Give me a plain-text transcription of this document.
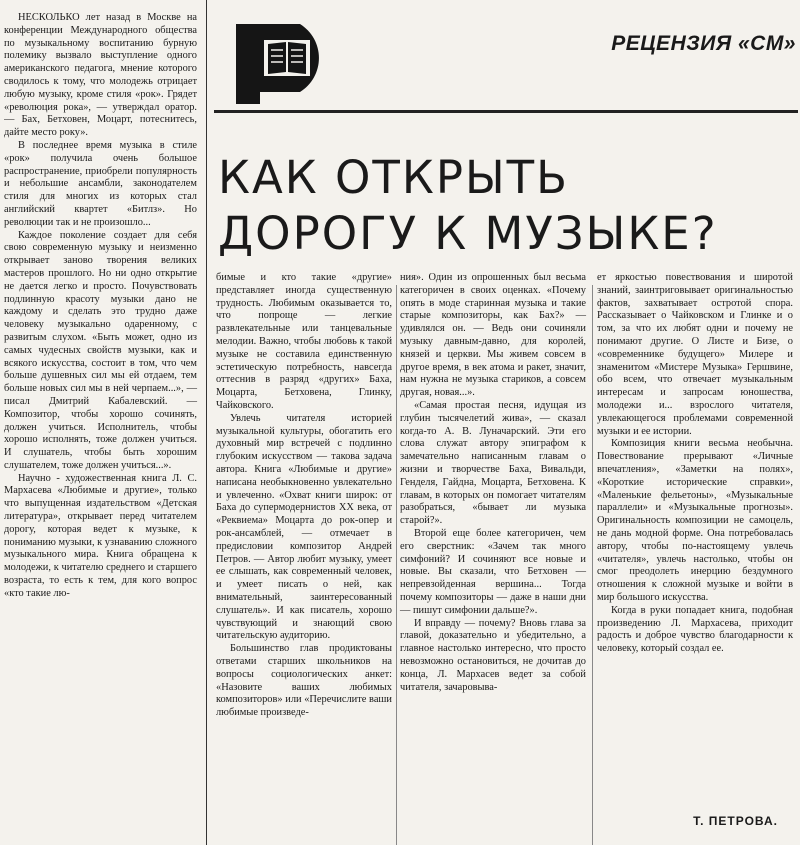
НЕСКОЛЬКО лет назад в Москве на конференции Международного общества по музыкальному воспитанию бурную полемику вызвало выступление одного американского педагога, мнение которого сводилось к тому, что молодежь отрицает любую музыку, кроме стиля «рок». Грядет «революция рока», — утверждал оратор. — Бах, Бетховен, Моцарт, потеснитесь, дайте место року».

В последнее время музыка в стиле «рок» получила очень большое распространение, приобрели популярность и небольшие ансамбли, законодателем стиля для многих из которых стал английский квартет «Битлз». Но революции так и не произошло...

Каждое поколение создает для себя свою современную музыку и неизменно открывает заново творения великих мастеров прошлого. Но ни одно открытие не дается легко и просто. Почувствовать подлинную красоту музыки дано не каждому и сделать это трудно даже человеку музыкально одаренному, с развитым слухом. «Быть может, одно из самых чудесных свойств музыки, как и всякого искусства, состоит в том, что чем больше душевных сил мы ей отдаем, тем больше новых сил мы в ней черпаем...», — писал Дмитрий Кабалевский. — Композитор, чтобы хорошо сочинять, должен учиться. Исполнитель, чтобы хорошо исполнять, тоже должен учиться. И слушатель, чтобы быть хорошим слушателем, тоже должен учиться...».

Научно - художественная книга Л. С. Мархасева «Любимые и другие», только что выпущенная издательством «Детская литература», открывает перед читателем дорогу, которая ведет к музыке, к пониманию музыки, к узнаванию сложного музыкального мира. Книга обращена к молодежи, к читателю среднего и старшего возраста, то есть к тем, для кого вопрос «кто такие лю-

РЕЦЕНЗИЯ «СМ»
КАК ОТКРЫТЬ
ДОРОГУ К МУЗЫКЕ?

бимые и кто такие «другие» представляет иногда существенную трудность. Любимым оказывается то, что попроще — легкие развлекательные или танцевальные мелодии. Важно, чтобы любовь к такой музыке не составила единственную эстетическую потребность, навсегда оттеснив в разряд «других» Баха, Моцарта, Бетховена, Глинку, Чайковского.

Увлечь читателя историей музыкальной культуры, обогатить его духовный мир встречей с подлинно глубоким искусством — такова задача автора. Книга «Любимые и другие» написана необыкновенно увлекательно и увлеченно. «Охват книги широк: от Баха до супермодернистов XX века, от «Реквиема» Моцарта до рок-опер и рок-ансамблей, — отмечает в предисловии композитор Андрей Петров. — Автор любит музыку, умеет ее слышать, как современный человек, и умеет писать о ней, как внимательный, заинтересованный слушатель». И как писатель, хорошо чувствующий и знающий свою читательскую аудиторию.

Большинство глав продиктованы ответами старших школьников на вопросы социологических анкет: «Назовите ваших любимых композиторов» или «Перечислите ваши любимые произведе-

ния». Один из опрошенных был весьма категоричен в своих оценках. «Почему опять в моде старинная музыка и такие старые композиторы, как Бах?» — удивлялся он. — Ведь они сочиняли музыку давным-давно, для королей, князей и церкви. Мы живем совсем в другое время, в век атома и ракет, значит, нам нужна не музыка стариков, а совсем другая, новая...».

«Самая простая песня, идущая из глубин тысячелетий жива», — сказал когда-то А. В. Луначарский. Эти его слова служат автору эпиграфом к замечательно написанным главам о жизни и творчестве Баха, Вивальди, Генделя, Гайдна, Моцарта, Бетховена. К главам, в которых он помогает читателям разобраться, «бывает ли музыка старой?».

Второй еще более категоричен, чем его сверстник: «Зачем так много симфоний? И сочиняют все новые и новые. Вы сказали, что Бетховен — непревзойденная вершина... Тогда почему композиторы — даже в наши дни — пишут симфонии дальше?».

И вправду — почему? Вновь глава за главой, доказательно и убедительно, а главное настолько интересно, что просто невозможно остановиться, не дочитав до конца, Л. Мархасев ведет за собой читателя, зачаровыва-

ет яркостью повествования и широтой знаний, заинтриговывает оригинальностью фактов, захватывает остротой спора. Рассказывает о Чайковском и Глинке и о том, за что их любят одни и почему не понимают другие. О Листе и Бизе, о «современнике будущего» Милере и знаменитом «Мистере Музыка» Гершвине, обо всем, что отвечает музыкальным интересам и запросам юношества, молодежи и... взрослого читателя, увлекающегося проблемами современной музыки и ее истории.

Композиция книги весьма необычна. Повествование прерывают «Личные впечатления», «Заметки на полях», «Короткие исторические справки», «Маленькие фельетоны», «Музыкальные параллели» и «Музыкальные прогнозы». Оригинальность композиции не самоцель, не дань модной форме. Она потребовалась автору, чтобы по-настоящему увлечь «читателя», увлечь настолько, чтобы он смог преодолеть инерцию бездумного отношения к сложной музыке и войти в мир большого искусства.

Когда в руки попадает книга, подобная произведению Л. Мархасева, приходит радость и доброе чувство благодарности к человеку, который создал ее.

Т. ПЕТРОВА.
